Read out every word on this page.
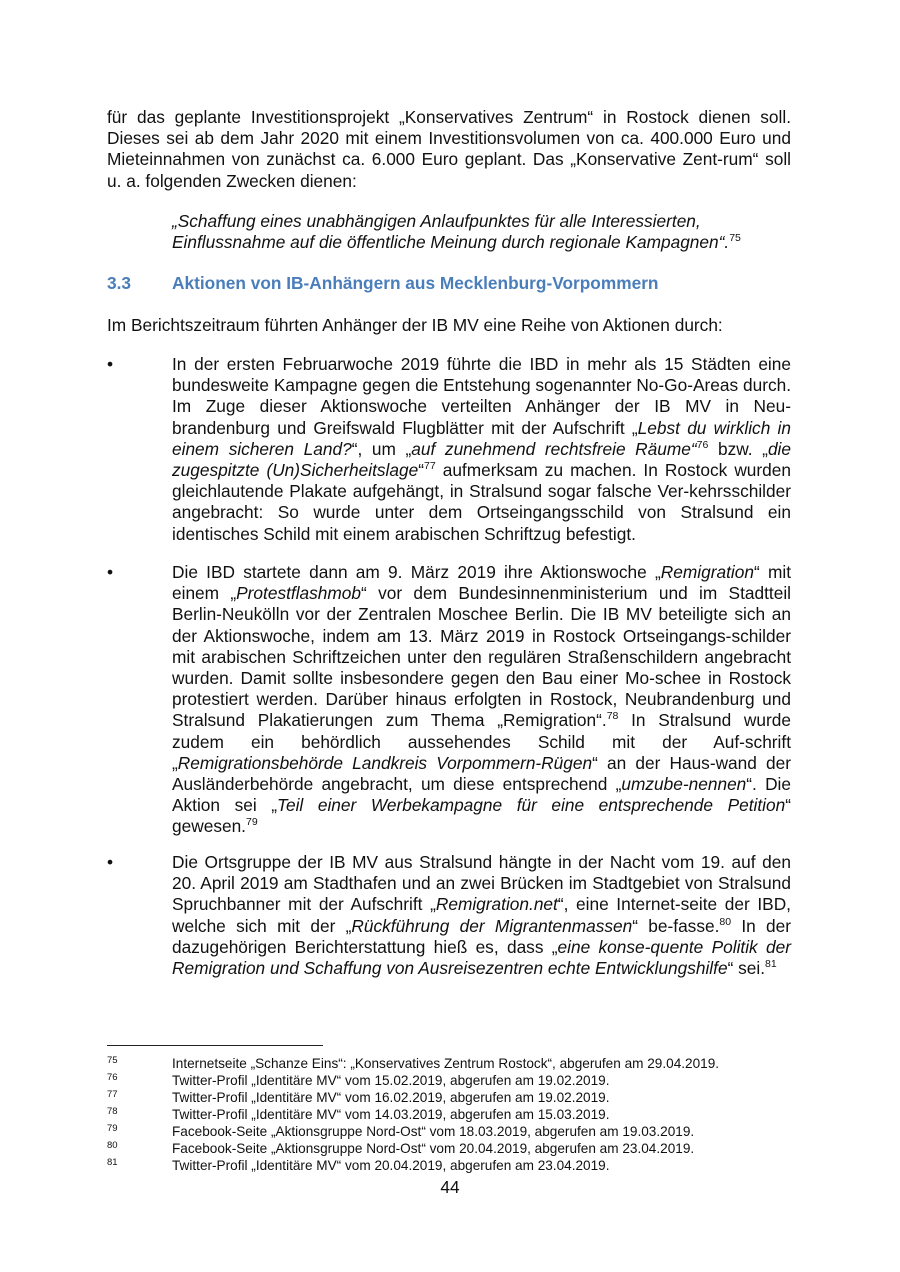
für das geplante Investitionsprojekt „Konservatives Zentrum“ in Rostock dienen soll. Dieses sei ab dem Jahr 2020 mit einem Investitionsvolumen von ca. 400.000 Euro und Mieteinnahmen von zunächst ca. 6.000 Euro geplant. Das „Konservative Zent-rum“ soll u. a. folgenden Zwecken dienen:

„Schaffung eines unabhängigen Anlaufpunktes für alle Interessierten, Einflussnahme auf die öffentliche Meinung durch regionale Kampagnen“.$^{75}$

3.3 Aktionen von IB-Anhängern aus Mecklenburg-Vorpommern

Im Berichtszeitraum führten Anhänger der IB MV eine Reihe von Aktionen durch:

•	In der ersten Februarwoche 2019 führte die IBD in mehr als 15 Städten eine bundesweite Kampagne gegen die Entstehung sogenannter No-Go-Areas durch. Im Zuge dieser Aktionswoche verteilten Anhänger der IB MV in Neu-brandenburg und Greifswald Flugblätter mit der Aufschrift „Lebst du wirklich in einem sicheren Land?“, um „auf zunehmend rechtsfreie Räume“$^{76}$ bzw. „die zugespitzte (Un)Sicherheitslage“$^{77}$ aufmerksam zu machen. In Rostock wurden gleichlautende Plakate aufgehängt, in Stralsund sogar falsche Ver-kehrsschilder angebracht: So wurde unter dem Ortseingangsschild von Stralsund ein identisches Schild mit einem arabischen Schriftzug befestigt.

•	Die IBD startete dann am 9. März 2019 ihre Aktionswoche „Remigration“ mit einem „Protestflashmob“ vor dem Bundesinnenministerium und im Stadtteil Berlin-Neukölln vor der Zentralen Moschee Berlin. Die IB MV beteiligte sich an der Aktionswoche, indem am 13. März 2019 in Rostock Ortseingangs-schilder mit arabischen Schriftzeichen unter den regulären Straßenschildern angebracht wurden. Damit sollte insbesondere gegen den Bau einer Mo-schee in Rostock protestiert werden. Darüber hinaus erfolgten in Rostock, Neubrandenburg und Stralsund Plakatierungen zum Thema „Remigration“.$^{78}$ In Stralsund wurde zudem ein behördlich aussehendes Schild mit der Auf-schrift „Remigrationsbehörde Landkreis Vorpommern-Rügen“ an der Haus-wand der Ausländerbehörde angebracht, um diese entsprechend „umzube-nennen“. Die Aktion sei „Teil einer Werbekampagne für eine entsprechende Petition“ gewesen.$^{79}$

•	Die Ortsgruppe der IB MV aus Stralsund hängte in der Nacht vom 19. auf den 20. April 2019 am Stadthafen und an zwei Brücken im Stadtgebiet von Stralsund Spruchbanner mit der Aufschrift „Remigration.net“, eine Internet-seite der IBD, welche sich mit der „Rückführung der Migrantenmassen“ be-fasse.$^{80}$ In der dazugehörigen Berichterstattung hieß es, dass „eine konse-quente Politik der Remigration und Schaffung von Ausreisezentren echte Entwicklungshilfe“ sei.$^{81}$

75	Internetseite „Schanze Eins“: „Konservatives Zentrum Rostock“, abgerufen am 29.04.2019.
76	Twitter-Profil „Identitäre MV“ vom 15.02.2019, abgerufen am 19.02.2019.
77	Twitter-Profil „Identitäre MV“ vom 16.02.2019, abgerufen am 19.02.2019.
78	Twitter-Profil „Identitäre MV“ vom 14.03.2019, abgerufen am 15.03.2019.
79	Facebook-Seite „Aktionsgruppe Nord-Ost“ vom 18.03.2019, abgerufen am 19.03.2019.
80	Facebook-Seite „Aktionsgruppe Nord-Ost“ vom 20.04.2019, abgerufen am 23.04.2019.
81	Twitter-Profil „Identitäre MV“ vom 20.04.2019, abgerufen am 23.04.2019.
44
